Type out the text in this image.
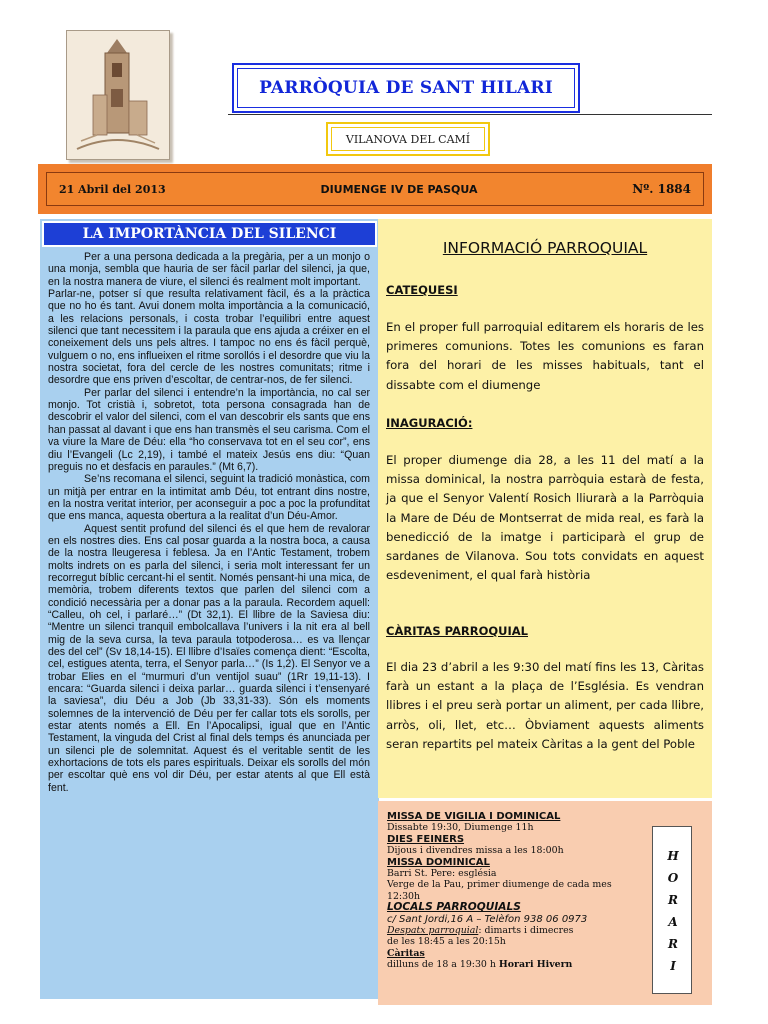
PARRÒQUIA DE SANT HILARI
VILANOVA DEL CAMÍ
21 Abril del 2013	DIUMENGE IV DE PASQUA	Nº. 1884
LA IMPORTÀNCIA DEL SILENCI

Per a una persona dedicada a la pregària, per a un monjo o una monja, sembla que hauria de ser fàcil parlar del silenci, ja que, en la nostra manera de viure, el silenci és realment molt important.

Parlar-ne, potser sí que resulta relativament fàcil, és a la pràctica que no ho és tant. Avui donem molta importància a la comunicació, a les relacions personals, i costa trobar l’equilibri entre aquest silenci que tant necessitem i la paraula que ens ajuda a créixer en el coneixement dels uns pels altres. I tampoc no ens és fàcil perquè, vulguem o no, ens influeixen el ritme sorollós i el desordre que viu la nostra societat, fora del cercle de les nostres comunitats; ritme i desordre que ens priven d’escoltar, de centrar-nos, de fer silenci.

Per parlar del silenci i entendre’n la importància, no cal ser monjo. Tot cristià i, sobretot, tota persona consagrada han de descobrir el valor del silenci, com el van descobrir els sants que ens han passat al davant i que ens han transmès el seu carisma. Com el va viure la Mare de Déu: ella “ho conservava tot en el seu cor”, ens diu l’Evangeli (Lc 2,19), i també el mateix Jesús ens diu: “Quan preguis no et desfacis en paraules.” (Mt 6,7).

Se’ns recomana el silenci, seguint la tradició monàstica, com un mitjà per entrar en la intimitat amb Déu, tot entrant dins nostre, en la nostra veritat interior, per aconseguir a poc a poc la profunditat que ens manca, aquesta obertura a la realitat d’un Déu-Amor.

Aquest sentit profund del silenci és el que hem de revalorar en els nostres dies. Ens cal posar guarda a la nostra boca, a causa de la nostra lleugeresa i feblesa. Ja en l’Antic Testament, trobem molts indrets on es parla del silenci, i seria molt interessant fer un recorregut bíblic cercant-hi el sentit. Només pensant-hi una mica, de memòria, trobem diferents textos que parlen del silenci com a condició necessària per a donar pas a la paraula. Recordem aquell: “Calleu, oh cel, i parlaré…” (Dt 32,1). El llibre de la Saviesa diu: “Mentre un silenci tranquil embolcallava l’univers i la nit era al bell mig de la seva cursa, la teva paraula totpoderosa… es va llençar des del cel” (Sv 18,14-15). El llibre d’Isaïes comença dient: “Escolta, cel, estigues atenta, terra, el Senyor parla…” (Is 1,2). El Senyor ve a trobar Elies en el “murmuri d’un ventijol suau” (1Rr 19,11-13). I encara: “Guarda silenci i deixa parlar… guarda silenci i t’ensenyaré la saviesa”, diu Déu a Job (Jb 33,31-33). Són els moments solemnes de la intervenció de Déu per fer callar tots els sorolls, per estar atents només a Ell. En l’Apocalipsi, igual que en l’Antic Testament, la vinguda del Crist al final dels temps és anunciada per un silenci ple de solemnitat. Aquest és el veritable sentit de les exhortacions de tots els pares espirituals. Deixar els sorolls del món per escoltar què ens vol dir Déu, per estar atents al que Ell està fent.

INFORMACIÓ PARROQUIAL
CATEQUESI

En el proper full parroquial editarem els horaris de les primeres comunions. Totes les comunions es faran fora del horari de les misses habituals, tant el dissabte com el diumenge

INAGURACIÓ:

El proper diumenge dia 28, a les 11 del matí a la missa dominical, la nostra parròquia estarà de festa, ja que el Senyor Valentí Rosich lliurarà a la Parròquia la Mare de Déu de Montserrat de mida real, es farà la benedicció de la imatge i participarà el grup de sardanes de Vilanova. Sou tots convidats en aquest esdeveniment, el qual farà història

CÀRITAS PARROQUIAL

El dia 23 d’abril a les 9:30 del matí fins les 13, Càritas farà un estant a la plaça de l’Església. Es vendran llibres i el preu serà portar un aliment, per cada llibre, arròs, oli, llet, etc… Òbviament aquests aliments seran repartits pel mateix Càritas a la gent del Poble

MISSA DE VIGILIA I DOMINICAL
Dissabte 19:30, Diumenge 11h
DIES FEINERS
Dijous i divendres missa a les 18:00h
MISSA DOMINICAL
Barri St. Pere: església
Verge de la Pau, primer diumenge de cada mes 12:30h
LOCALS PARROQUIALS
c/ Sant Jordi,16 A – Telèfon 938 06 0973
Despatx parroquial: dimarts i dimecres
de les 18:45 a les 20:15h
Càritas
dilluns de 18 a 19:30 h Horari Hivern
H
O
R
A
R
I
